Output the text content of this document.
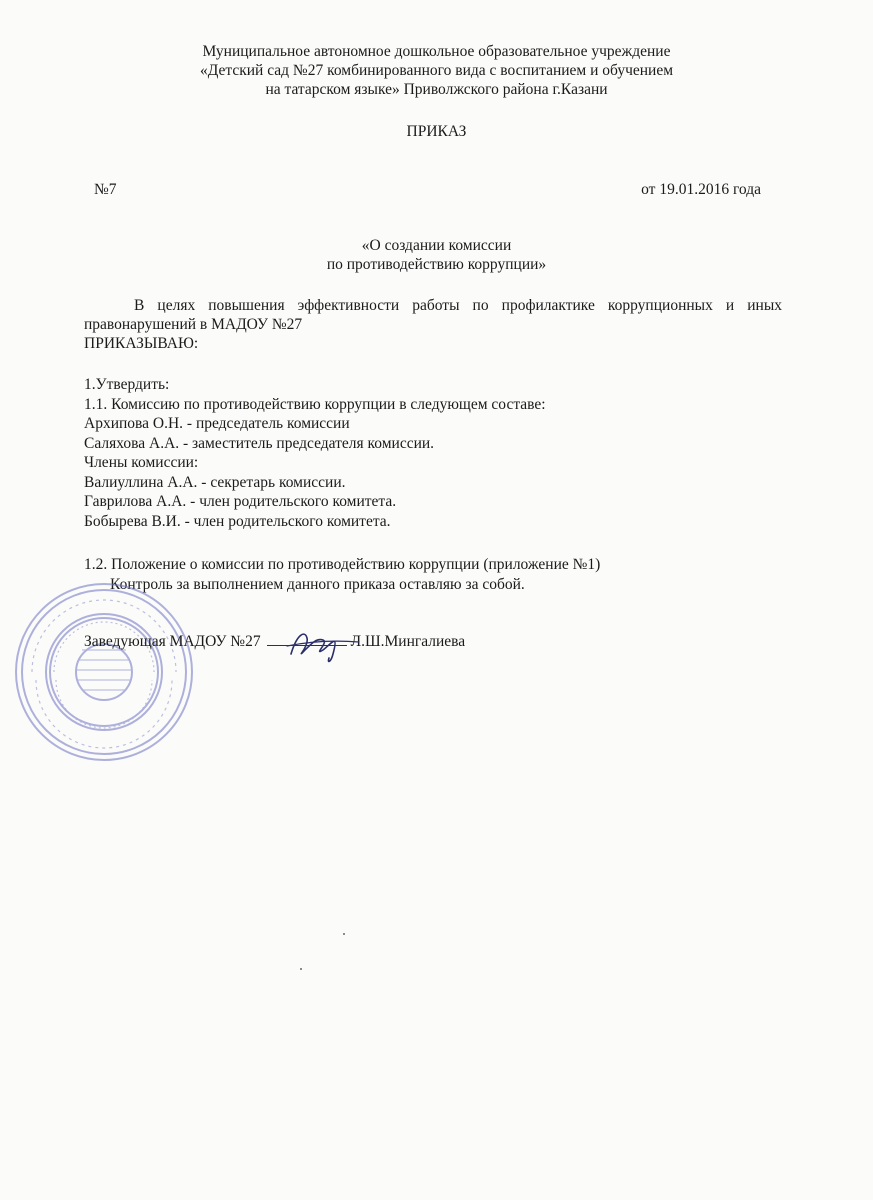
Муниципальное автономное дошкольное образовательное учреждение
«Детский сад №27 комбинированного вида с воспитанием и обучением
на татарском языке» Приволжского района г.Казани
ПРИКАЗ
№7	от 19.01.2016 года
«О создании комиссии
по противодействию коррупции»
В целях повышения эффективности работы по профилактике коррупционных и иных правонарушений в МАДОУ №27
ПРИКАЗЫВАЮ:
1.Утвердить:
1.1. Комиссию по противодействию коррупции в следующем составе:
Архипова О.Н. - председатель комиссии
Саляхова А.А. - заместитель председателя комиссии.
Члены комиссии:
Валиуллина А.А. - секретарь комиссии.
Гаврилова А.А. - член родительского комитета.
Бобырева В.И. - член родительского комитета.
1.2. Положение о комиссии по противодействию коррупции (приложение №1)
Контроль за выполнением данного приказа оставляю за собой.
Заведующая МАДОУ №27	Л.Ш.Мингалиева
